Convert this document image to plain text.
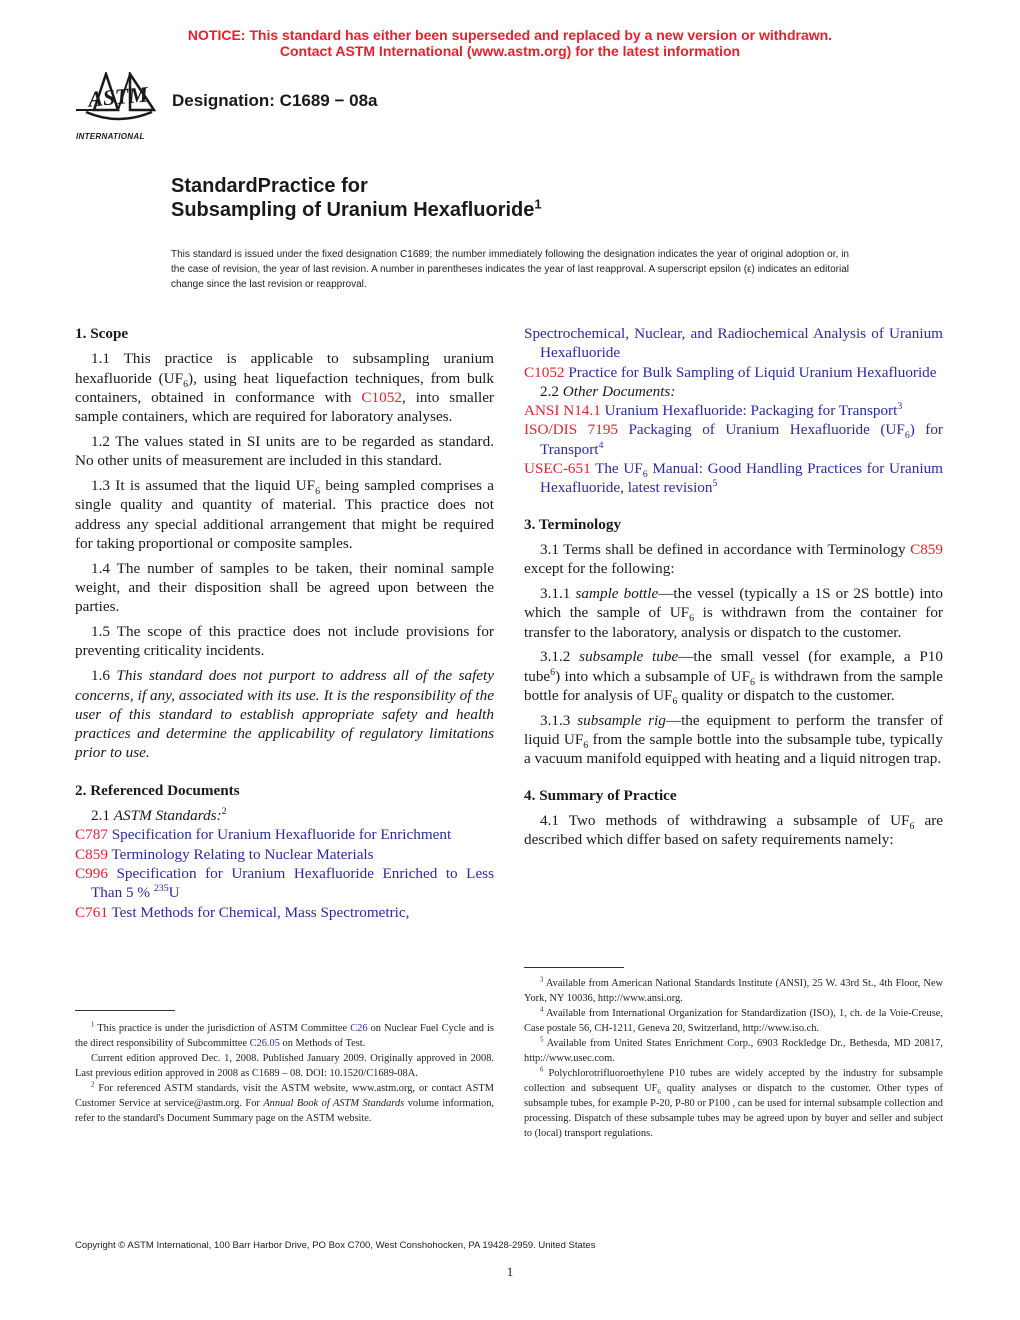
NOTICE: This standard has either been superseded and replaced by a new version or withdrawn.
Contact ASTM International (www.astm.org) for the latest information
ASTM
INTERNATIONAL
Designation: C1689 − 08a
StandardPractice for
Subsampling of Uranium Hexafluoride$^1$
This standard is issued under the fixed designation C1689; the number immediately following the designation indicates the year of original adoption or, in the case of revision, the year of last revision. A number in parentheses indicates the year of last reapproval. A superscript epsilon (ε) indicates an editorial change since the last revision or reapproval.
1. Scope

1.1 This practice is applicable to subsampling uranium hexafluoride $(UF_6)$, using heat liquefaction techniques, from bulk containers, obtained in conformance with C1052, into smaller sample containers, which are required for laboratory analyses.

1.2 The values stated in SI units are to be regarded as standard. No other units of measurement are included in this standard.

1.3 It is assumed that the liquid $UF_6$ being sampled comprises a single quality and quantity of material. This practice does not address any special additional arrangement that might be required for taking proportional or composite samples.

1.4 The number of samples to be taken, their nominal sample weight, and their disposition shall be agreed upon between the parties.

1.5 The scope of this practice does not include provisions for preventing criticality incidents.

1.6 This standard does not purport to address all of the safety concerns, if any, associated with its use. It is the responsibility of the user of this standard to establish appropriate safety and health practices and determine the applicability of regulatory limitations prior to use.

2. Referenced Documents

2.1 ASTM Standards:$^2$

C787 Specification for Uranium Hexafluoride for Enrichment
C859 Terminology Relating to Nuclear Materials
C996 Specification for Uranium Hexafluoride Enriched to Less Than 5 % $^{235}$U
C761 Test Methods for Chemical, Mass Spectrometric,

$^1$ This practice is under the jurisdiction of ASTM Committee C26 on Nuclear Fuel Cycle and is the direct responsibility of Subcommittee C26.05 on Methods of Test.

Current edition approved Dec. 1, 2008. Published January 2009. Originally approved in 2008. Last previous edition approved in 2008 as C1689 – 08. DOI: 10.1520/C1689-08A.

$^2$ For referenced ASTM standards, visit the ASTM website, www.astm.org, or contact ASTM Customer Service at service@astm.org. For Annual Book of ASTM Standards volume information, refer to the standard's Document Summary page on the ASTM website.

Spectrochemical, Nuclear, and Radiochemical Analysis of Uranium Hexafluoride
C1052 Practice for Bulk Sampling of Liquid Uranium Hexafluoride

2.2 Other Documents:

ANSI N14.1 Uranium Hexafluoride: Packaging for Transport$^3$
ISO/DIS 7195 Packaging of Uranium Hexafluoride $(UF_6)$ for Transport$^4$
USEC-651 The $UF_6$ Manual: Good Handling Practices for Uranium Hexafluoride, latest revision$^5$
3. Terminology

3.1 Terms shall be defined in accordance with Terminology C859 except for the following:

3.1.1 sample bottle—the vessel (typically a 1S or 2S bottle) into which the sample of $UF_6$ is withdrawn from the container for transfer to the laboratory, analysis or dispatch to the customer.

3.1.2 subsample tube—the small vessel (for example, a P10 tube$^6$) into which a subsample of $UF_6$ is withdrawn from the sample bottle for analysis of $UF_6$ quality or dispatch to the customer.

3.1.3 subsample rig—the equipment to perform the transfer of liquid $UF_6$ from the sample bottle into the subsample tube, typically a vacuum manifold equipped with heating and a liquid nitrogen trap.

4. Summary of Practice

4.1 Two methods of withdrawing a subsample of $UF_6$ are described which differ based on safety requirements namely:

$^3$ Available from American National Standards Institute (ANSI), 25 W. 43rd St., 4th Floor, New York, NY 10036, http://www.ansi.org.

$^4$ Available from International Organization for Standardization (ISO), 1, ch. de la Voie-Creuse, Case postale 56, CH-1211, Geneva 20, Switzerland, http://www.iso.ch.

$^5$ Available from United States Enrichment Corp., 6903 Rockledge Dr., Bethesda, MD 20817, http://www.usec.com.

$^6$ Polychlorotrifluoroethylene P10 tubes are widely accepted by the industry for subsample collection and subsequent $UF_6$ quality analyses or dispatch to the customer. Other types of subsample tubes, for example P-20, P-80 or P100 , can be used for internal subsample collection and processing. Dispatch of these subsample tubes may be agreed upon by buyer and seller and subject to (local) transport regulations.

Copyright © ASTM International, 100 Barr Harbor Drive, PO Box C700, West Conshohocken, PA 19428-2959. United States
1
